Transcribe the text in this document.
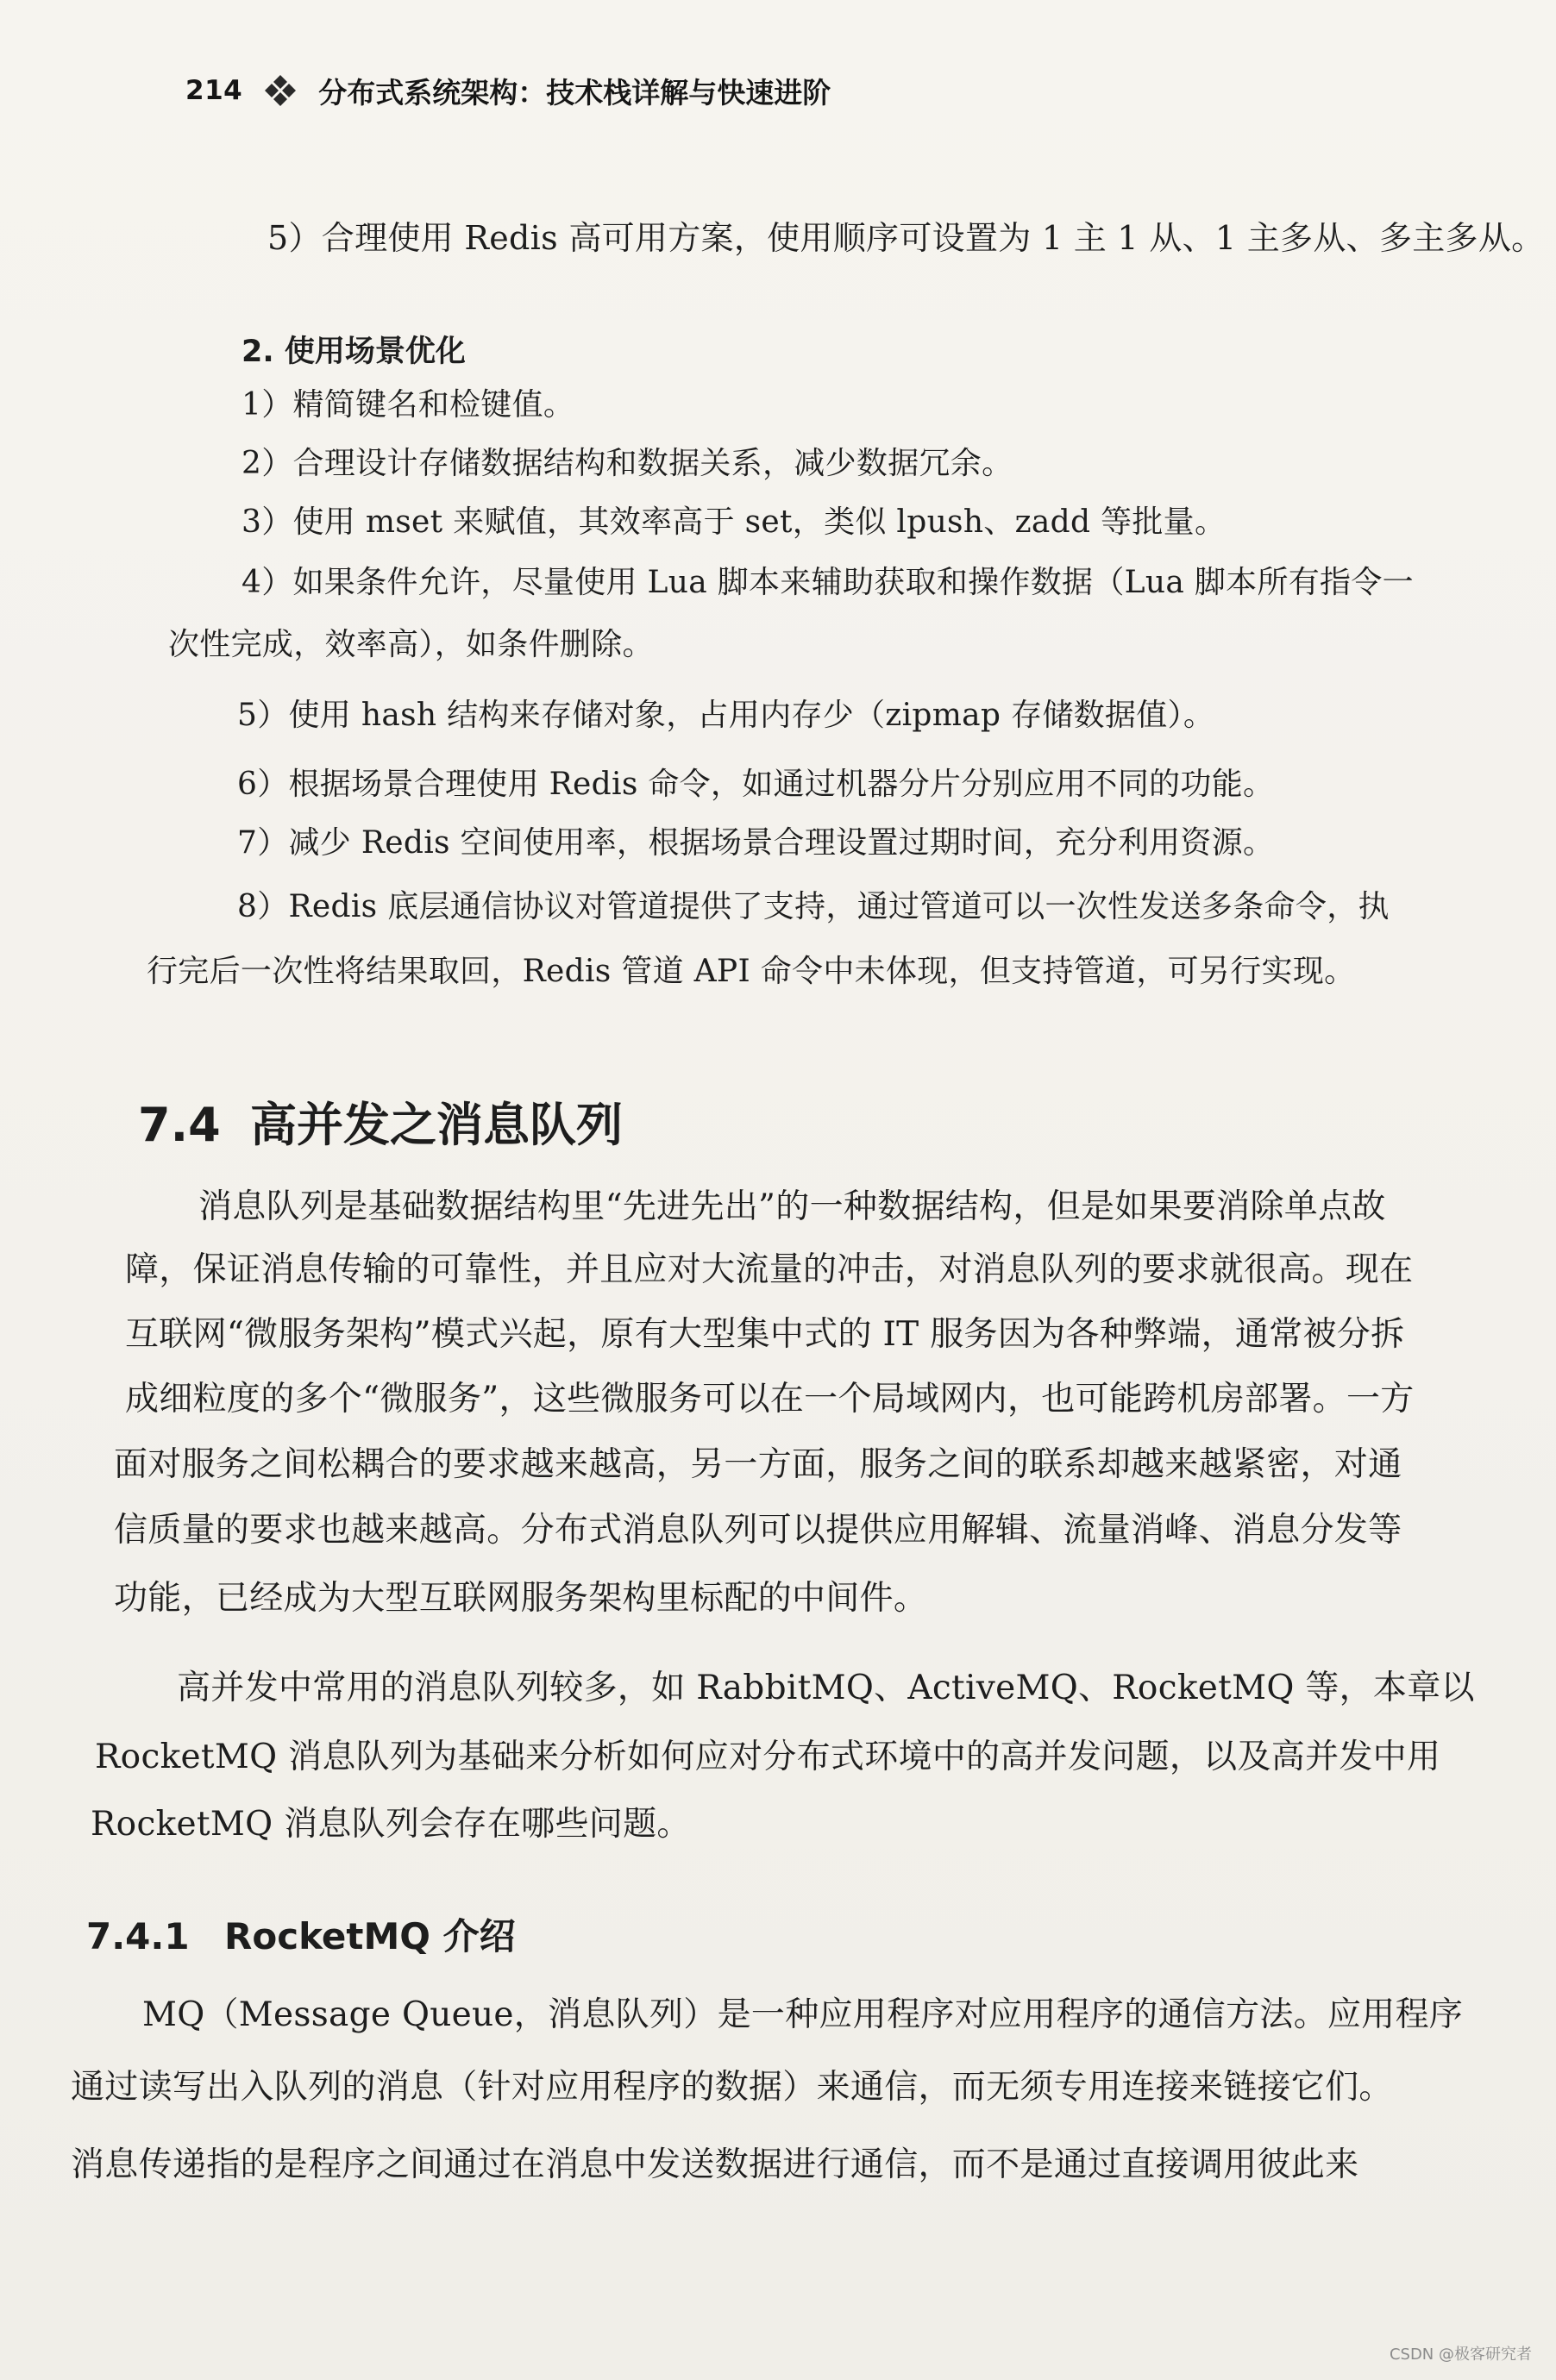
214	分布式系统架构：技术栈详解与快速进阶

5）合理使用 Redis 高可用方案，使用顺序可设置为 1 主 1 从、1 主多从、多主多从。

2. 使用场景优化

1）精简键名和检键值。

2）合理设计存储数据结构和数据关系，减少数据冗余。

3）使用 mset 来赋值，其效率高于 set，类似 lpush、zadd 等批量。

4）如果条件允许，尽量使用 Lua 脚本来辅助获取和操作数据（Lua 脚本所有指令一

次性完成，效率高），如条件删除。

5）使用 hash 结构来存储对象，占用内存少（zipmap 存储数据值）。

6）根据场景合理使用 Redis 命令，如通过机器分片分别应用不同的功能。

7）减少 Redis 空间使用率，根据场景合理设置过期时间，充分利用资源。

8）Redis 底层通信协议对管道提供了支持，通过管道可以一次性发送多条命令，执

行完后一次性将结果取回，Redis 管道 API 命令中未体现，但支持管道，可另行实现。

7.4 高并发之消息队列

消息队列是基础数据结构里“先进先出”的一种数据结构，但是如果要消除单点故

障，保证消息传输的可靠性，并且应对大流量的冲击，对消息队列的要求就很高。现在

互联网“微服务架构”模式兴起，原有大型集中式的 IT 服务因为各种弊端，通常被分拆

成细粒度的多个“微服务”，这些微服务可以在一个局域网内，也可能跨机房部署。一方

面对服务之间松耦合的要求越来越高，另一方面，服务之间的联系却越来越紧密，对通

信质量的要求也越来越高。分布式消息队列可以提供应用解辑、流量消峰、消息分发等

功能，已经成为大型互联网服务架构里标配的中间件。

高并发中常用的消息队列较多，如 RabbitMQ、ActiveMQ、RocketMQ 等，本章以

RocketMQ 消息队列为基础来分析如何应对分布式环境中的高并发问题，以及高并发中用

RocketMQ 消息队列会存在哪些问题。

7.4.1 RocketMQ 介绍

MQ（Message Queue，消息队列）是一种应用程序对应用程序的通信方法。应用程序

通过读写出入队列的消息（针对应用程序的数据）来通信，而无须专用连接来链接它们。

消息传递指的是程序之间通过在消息中发送数据进行通信，而不是通过直接调用彼此来

CSDN @极客研究者
